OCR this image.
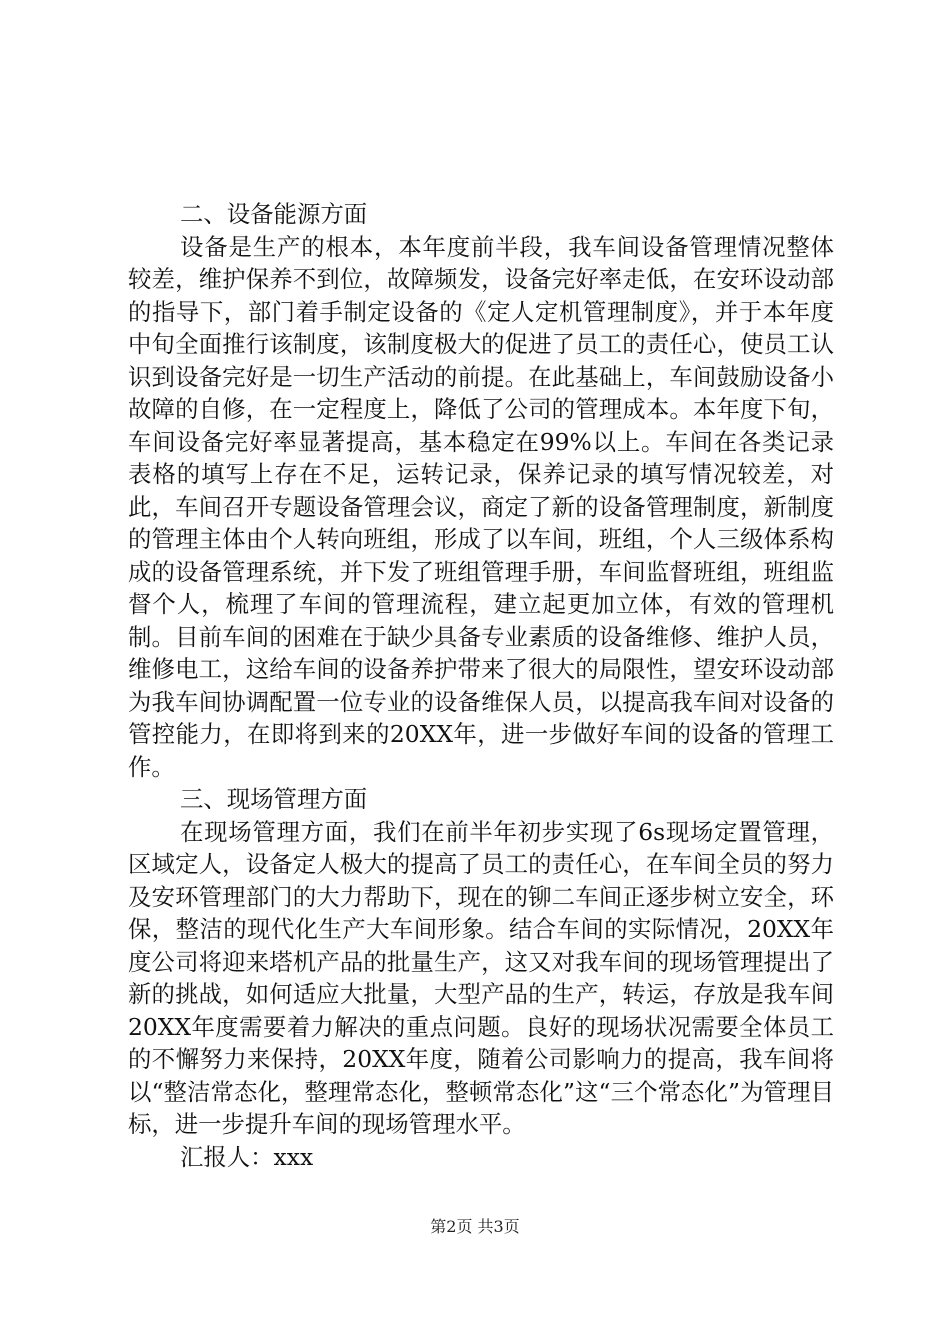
二、设备能源方面

设备是生产的根本，本年度前半段，我车间设备管理情况整体较差，维护保养不到位，故障频发，设备完好率走低，在安环设动部的指导下，部门着手制定设备的《定人定机管理制度》，并于本年度中旬全面推行该制度，该制度极大的促进了员工的责任心，使员工认识到设备完好是一切生产活动的前提。在此基础上，车间鼓励设备小故障的自修，在一定程度上，降低了公司的管理成本。本年度下旬，车间设备完好率显著提高，基本稳定在99%以上。车间在各类记录表格的填写上存在不足，运转记录，保养记录的填写情况较差，对此，车间召开专题设备管理会议，商定了新的设备管理制度，新制度的管理主体由个人转向班组，形成了以车间，班组，个人三级体系构成的设备管理系统，并下发了班组管理手册，车间监督班组，班组监督个人，梳理了车间的管理流程，建立起更加立体，有效的管理机制。目前车间的困难在于缺少具备专业素质的设备维修、维护人员，维修电工，这给车间的设备养护带来了很大的局限性，望安环设动部为我车间协调配置一位专业的设备维保人员，以提高我车间对设备的管控能力，在即将到来的20XX年，进一步做好车间的设备的管理工作。

三、现场管理方面

在现场管理方面，我们在前半年初步实现了6s现场定置管理，区域定人，设备定人极大的提高了员工的责任心，在车间全员的努力及安环管理部门的大力帮助下，现在的铆二车间正逐步树立安全，环保，整洁的现代化生产大车间形象。结合车间的实际情况，20XX年度公司将迎来塔机产品的批量生产，这又对我车间的现场管理提出了新的挑战，如何适应大批量，大型产品的生产，转运，存放是我车间20XX年度需要着力解决的重点问题。良好的现场状况需要全体员工的不懈努力来保持，20XX年度，随着公司影响力的提高，我车间将以“整洁常态化，整理常态化，整顿常态化”这“三个常态化”为管理目标，进一步提升车间的现场管理水平。

汇报人：xxx

第2页 共3页
